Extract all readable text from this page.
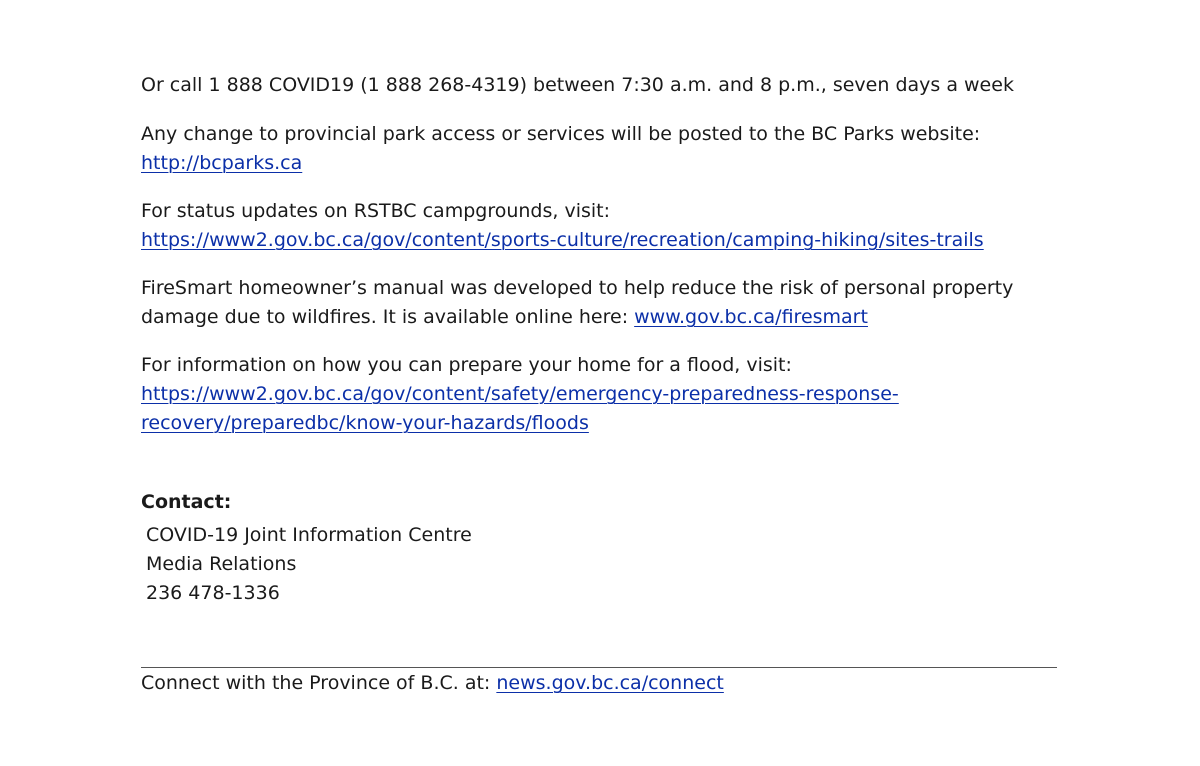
Or call 1 888 COVID19 (1 888 268-4319) between 7:30 a.m. and 8 p.m., seven days a week

Any change to provincial park access or services will be posted to the BC Parks website:
http://bcparks.ca

For status updates on RSTBC campgrounds, visit:
https://www2.gov.bc.ca/gov/content/sports-culture/recreation/camping-hiking/sites-trails

FireSmart homeowner’s manual was developed to help reduce the risk of personal property
damage due to wildfires. It is available online here: www.gov.bc.ca/firesmart

For information on how you can prepare your home for a flood, visit:
https://www2.gov.bc.ca/gov/content/safety/emergency-preparedness-response-
recovery/preparedbc/know-your-hazards/floods

Contact:

COVID-19 Joint Information Centre
Media Relations
236 478-1336

Connect with the Province of B.C. at: news.gov.bc.ca/connect
